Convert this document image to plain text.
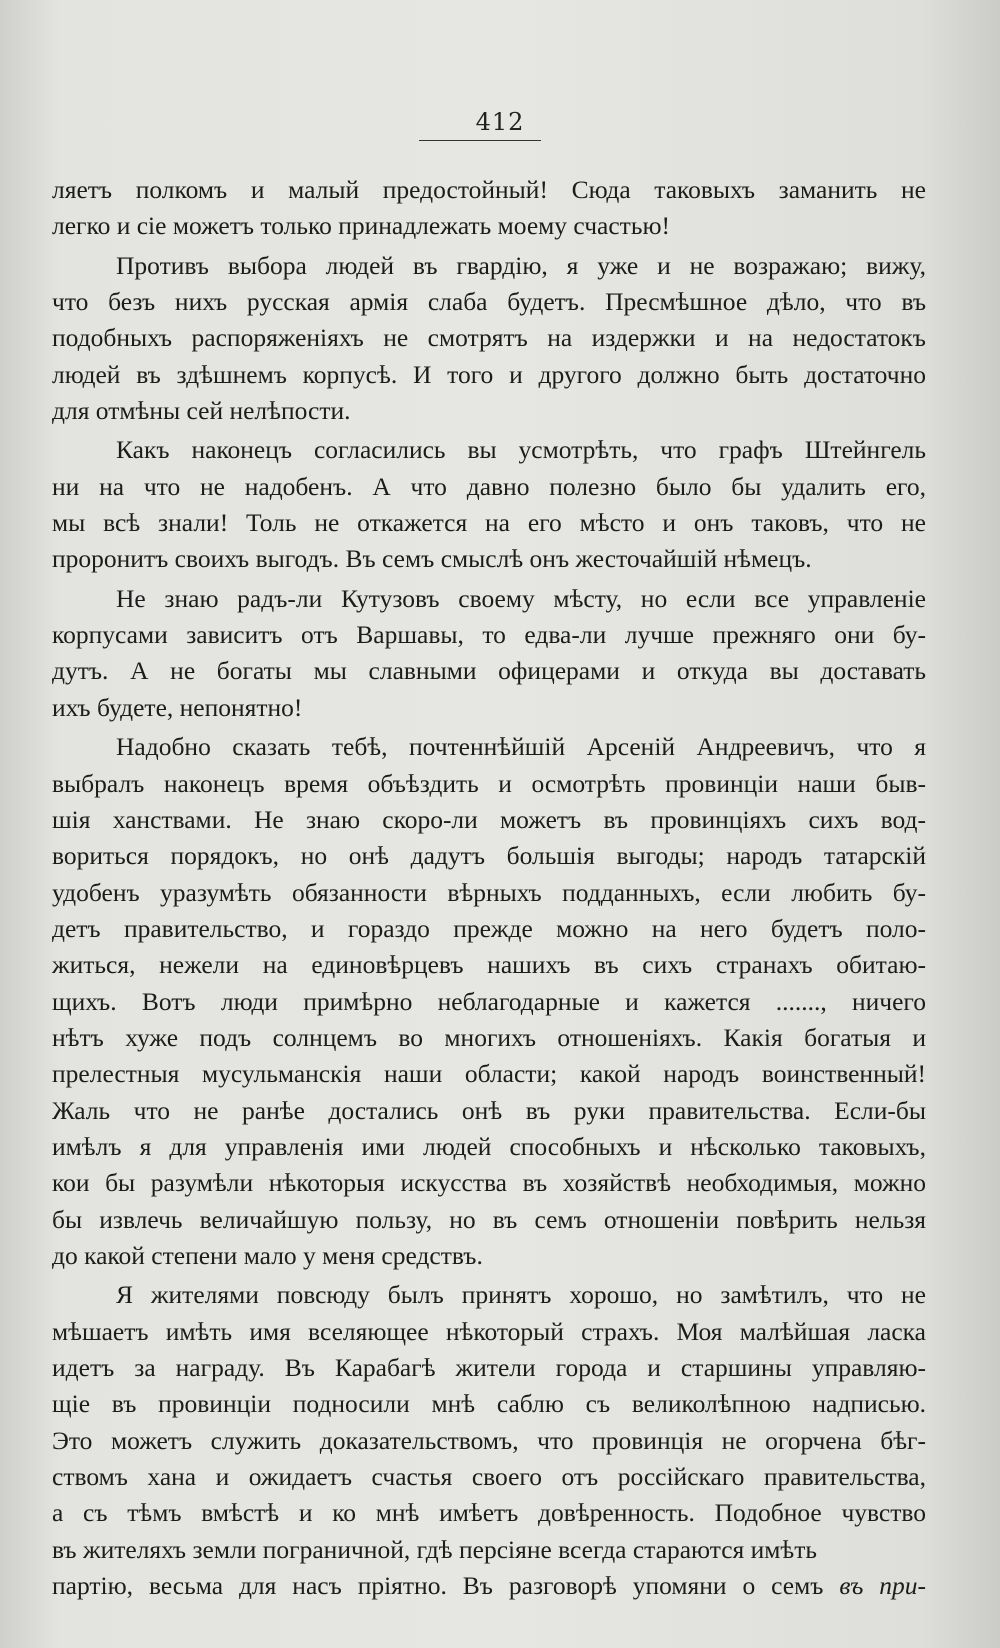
412
ляетъ полкомъ и малый предостойный! Сюда таковыхъ заманить не
легко и сіе можетъ только принадлежать моему счастью!
Противъ выбора людей въ гвардію, я уже и не возражаю; вижу,
что безъ нихъ русская армія слаба будетъ. Пресмѣшное дѣло, что въ
подобныхъ распоряженіяхъ не смотрятъ на издержки и на недостатокъ
людей въ здѣшнемъ корпусѣ. И того и другого должно быть достаточно
для отмѣны сей нелѣпости.
Какъ наконецъ согласились вы усмотрѣть, что графъ Штейнгель
ни на что не надобенъ. А что давно полезно было бы удалить его,
мы всѣ знали! Толь не откажется на его мѣсто и онъ таковъ, что не
проронитъ своихъ выгодъ. Въ семъ смыслѣ онъ жесточайшій нѣмецъ.
Не знаю радъ-ли Кутузовъ своему мѣсту, но если все управленіе
корпусами зависитъ отъ Варшавы, то едва-ли лучше прежняго они бу-
дутъ. А не богаты мы славными офицерами и откуда вы доставать
ихъ будете, непонятно!
Надобно сказать тебѣ, почтеннѣйшій Арсеній Андреевичъ, что я
выбралъ наконецъ время объѣздить и осмотрѣть провинціи наши быв-
шія ханствами. Не знаю скоро-ли можетъ въ провинціяхъ сихъ вод-
вориться порядокъ, но онѣ дадутъ большія выгоды; народъ татарскій
удобенъ уразумѣть обязанности вѣрныхъ подданныхъ, если любить бу-
детъ правительство, и гораздо прежде можно на него будетъ поло-
житься, нежели на единовѣрцевъ нашихъ въ сихъ странахъ обитаю-
щихъ. Вотъ люди примѣрно неблагодарные и кажется ......., ничего
нѣтъ хуже подъ солнцемъ во многихъ отношеніяхъ. Какія богатыя и
прелестныя мусульманскія наши области; какой народъ воинственный!
Жаль что не ранѣе достались онѣ въ руки правительства. Если-бы
имѣлъ я для управленія ими людей способныхъ и нѣсколько таковыхъ,
кои бы разумѣли нѣкоторыя искусства въ хозяйствѣ необходимыя, можно
бы извлечь величайшую пользу, но въ семъ отношеніи повѣрить нельзя
до какой степени мало у меня средствъ.
Я жителями повсюду былъ принятъ хорошо, но замѣтилъ, что не
мѣшаетъ имѣть имя вселяющее нѣкоторый страхъ. Моя малѣйшая ласка
идетъ за награду. Въ Карабагѣ жители города и старшины управляю-
щіе въ провинціи подносили мнѣ саблю съ великолѣпною надписью.
Это можетъ служить доказательствомъ, что провинція не огорчена бѣг-
ствомъ хана и ожидаетъ счастья своего отъ россійскаго правительства,
а съ тѣмъ вмѣстѣ и ко мнѣ имѣетъ довѣренность. Подобное чувство
въ жителяхъ земли пограничной, гдѣ персіяне всегда стараются имѣть
партію, весьма для насъ пріятно. Въ разговорѣ упомяни о семъ въ при-
